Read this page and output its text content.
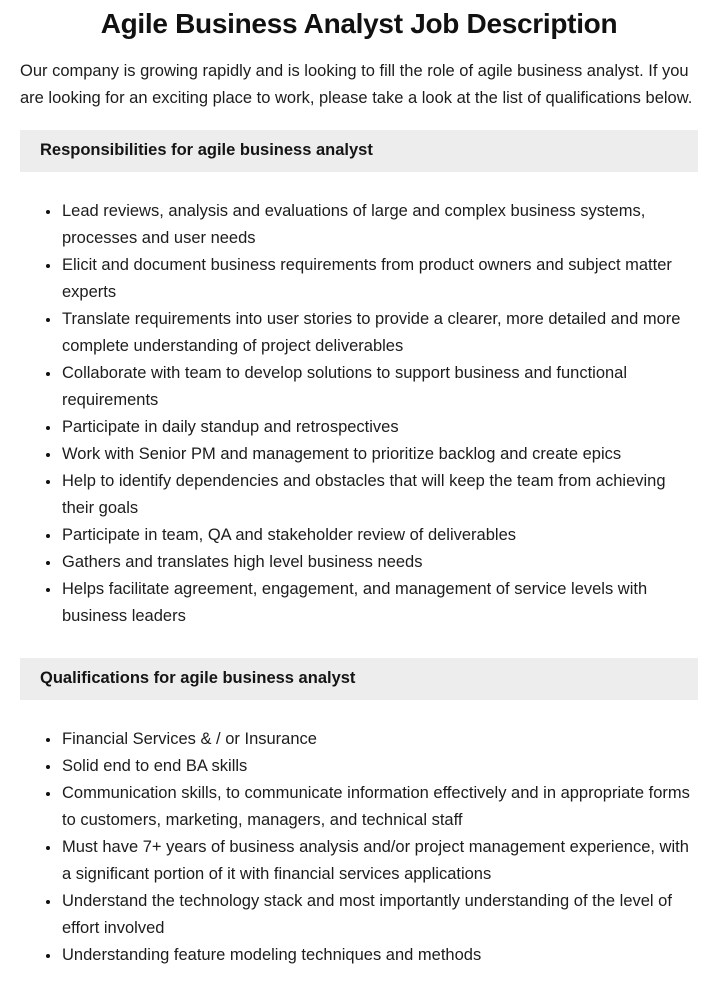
Agile Business Analyst Job Description

Our company is growing rapidly and is looking to fill the role of agile business analyst. If you are looking for an exciting place to work, please take a look at the list of qualifications below.

Responsibilities for agile business analyst
• Lead reviews, analysis and evaluations of large and complex business systems, processes and user needs
• Elicit and document business requirements from product owners and subject matter experts
• Translate requirements into user stories to provide a clearer, more detailed and more complete understanding of project deliverables
• Collaborate with team to develop solutions to support business and functional requirements
• Participate in daily standup and retrospectives
• Work with Senior PM and management to prioritize backlog and create epics
• Help to identify dependencies and obstacles that will keep the team from achieving their goals
• Participate in team, QA and stakeholder review of deliverables
• Gathers and translates high level business needs
• Helps facilitate agreement, engagement, and management of service levels with business leaders
Qualifications for agile business analyst
• Financial Services & / or Insurance
• Solid end to end BA skills
• Communication skills, to communicate information effectively and in appropriate forms to customers, marketing, managers, and technical staff
• Must have 7+ years of business analysis and/or project management experience, with a significant portion of it with financial services applications
• Understand the technology stack and most importantly understanding of the level of effort involved
• Understanding feature modeling techniques and methods
